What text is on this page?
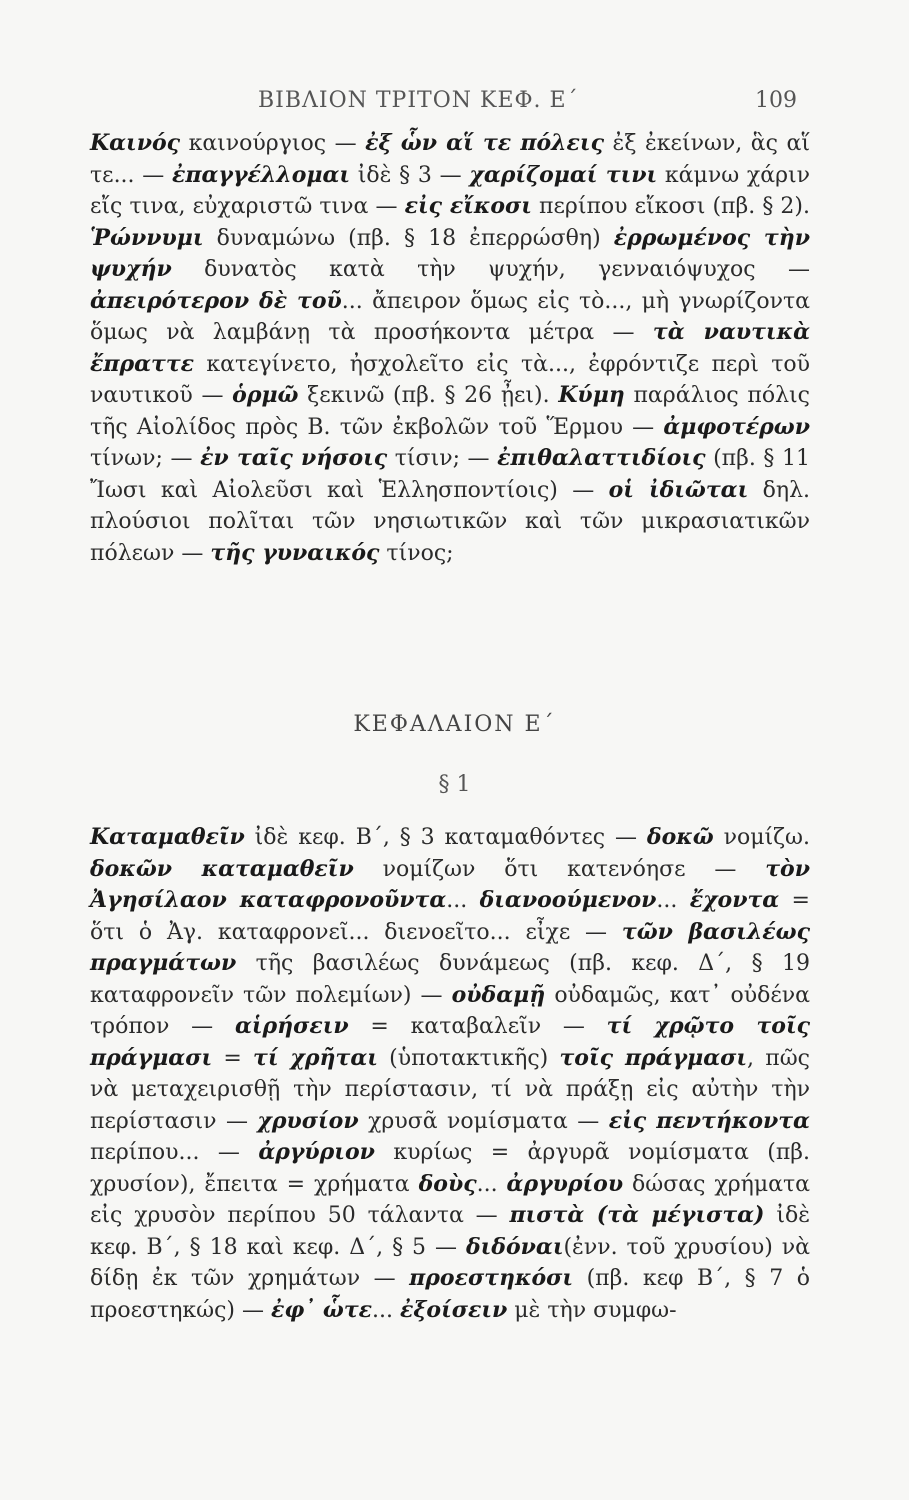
ΒΙΒΛΙΟΝ ΤΡΙΤΟΝ ΚΕΦ. Ε΄	109
Καινός καινούργιος — ἐξ ὧν αἵ τε πόλεις ἐξ ἐκείνων, ἃς αἵ τε... — ἐπαγγέλλομαι ἰδὲ § 3 — χαρίζομαί τινι κάμνω χάριν εἴς τινα, εὐχαριστῶ τινα — εἰς εἴκοσι περίπου εἴκοσι (πβ. § 2). Ῥώννυμι δυναμώνω (πβ. § 18 ἐπερρώσθη) ἐρρωμένος τὴν ψυχήν δυνατὸς κατὰ τὴν ψυχήν, γενναιόψυχος — ἀπειρότερον δὲ τοῦ... ἄπειρον ὅμως εἰς τὸ..., μὴ γνωρίζοντα ὅμως νὰ λαμβάνῃ τὰ προσήκοντα μέτρα — τὰ ναυτικὰ ἔπραττε κατεγίνετο, ἠσχολεῖτο εἰς τὰ..., ἐφρόντιζε περὶ τοῦ ναυτικοῦ — ὁρμῶ ξεκινῶ (πβ. § 26 ᾖει). Κύμη παράλιος πόλις τῆς Αἰολίδος πρὸς Β. τῶν ἐκβολῶν τοῦ Ἕρμου — ἀμφοτέρων τίνων; — ἐν ταῖς νήσοις τίσιν; — ἐπιθαλαττιδίοις (πβ. § 11 Ἴωσι καὶ Αἰολεῦσι καὶ Ἑλλησποντίοις) — οἱ ἰδιῶται δηλ. πλούσιοι πολῖται τῶν νησιωτικῶν καὶ τῶν μικρασιατικῶν πόλεων — τῆς γυναικός τίνος;
ΚΕΦΑΛΑΙΟΝ Ε΄
§ 1
Καταμαθεῖν ἰδὲ κεφ. Β΄, § 3 καταμαθόντες — δοκῶ νομίζω. δοκῶν καταμαθεῖν νομίζων ὅτι κατενόησε — τὸν Ἀγησίλαον καταφρονοῦντα... διανοούμενον... ἔχοντα = ὅτι ὁ Ἀγ. καταφρονεῖ... διενοεῖτο... εἶχε — τῶν βασιλέως πραγμάτων τῆς βασιλέως δυνάμεως (πβ. κεφ. Δ΄, § 19 καταφρονεῖν τῶν πολεμίων) — οὐδαμῇ οὐδαμῶς, κατ᾽ οὐδένα τρόπον — αἱρήσειν = καταβαλεῖν — τί χρῷτο τοῖς πράγμασι = τί χρῆται (ὑποτακτικῆς) τοῖς πράγμασι, πῶς νὰ μεταχειρισθῇ τὴν περίστασιν, τί νὰ πράξῃ εἰς αὐτὴν τὴν περίστασιν — χρυσίον χρυσᾶ νομίσματα — εἰς πεντήκοντα περίπου... — ἀργύριον κυρίως = ἀργυρᾶ νομίσματα (πβ. χρυσίον), ἔπειτα = χρήματα δοὺς... ἀργυρίου δώσας χρήματα εἰς χρυσὸν περίπου 50 τάλαντα — πιστὰ (τὰ μέγιστα) ἰδὲ κεφ. Β΄, § 18 καὶ κεφ. Δ΄, § 5 — διδόναι(ἐνν. τοῦ χρυσίου) νὰ δίδῃ ἐκ τῶν χρημάτων — προεστηκόσι (πβ. κεφ Β΄, § 7 ὁ προεστηκώς) — ἐφ᾽ ὧτε... ἐξοίσειν μὲ τὴν συμφω-
